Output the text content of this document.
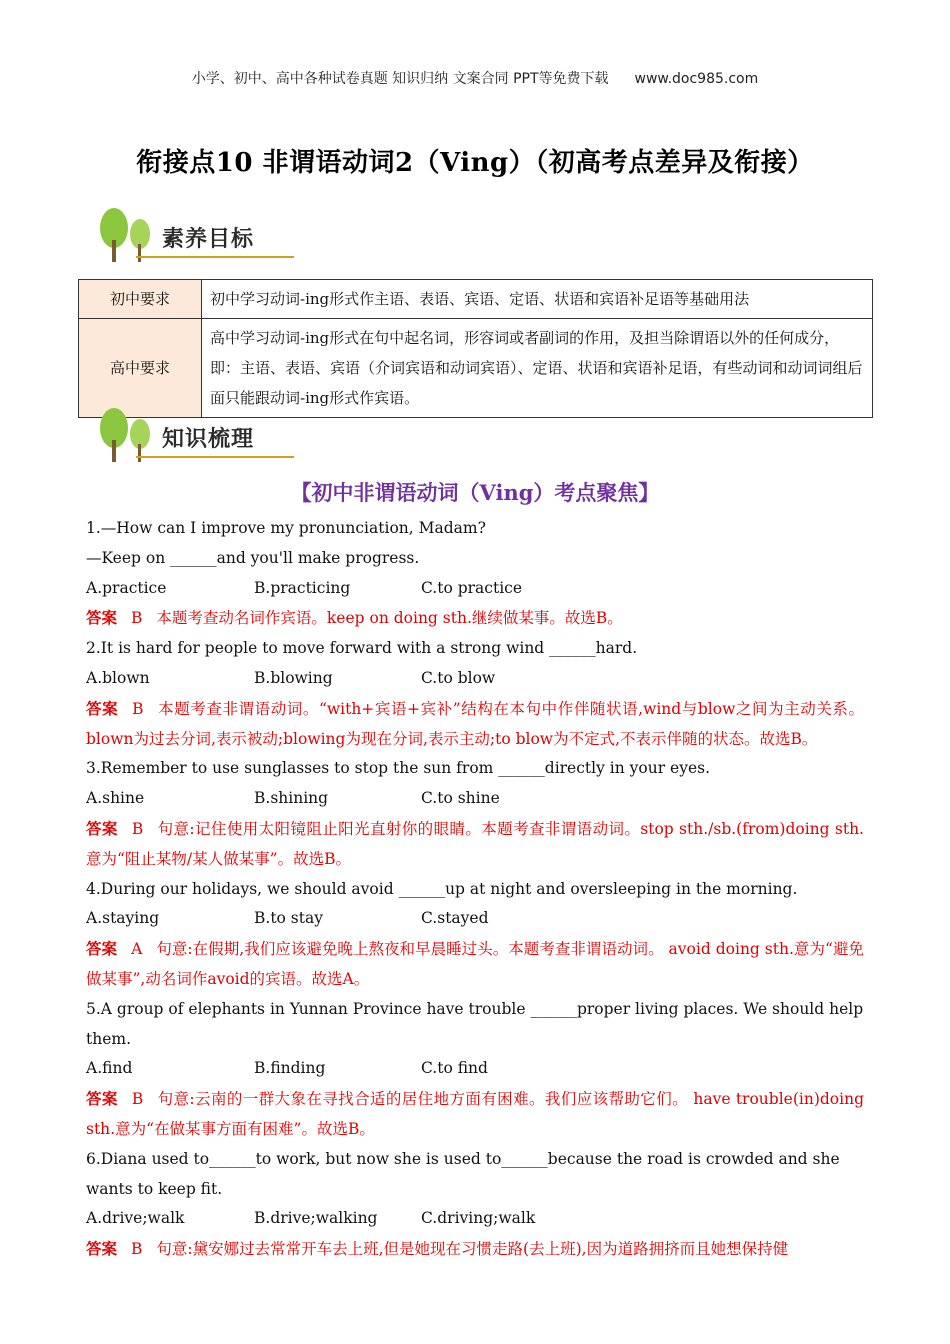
小学、初中、高中各种试卷真题 知识归纳 文案合同 PPT等免费下载 www.doc985.com
衔接点10 非谓语动词2（Ving）（初高考点差异及衔接）
素养目标
初中要求	初中学习动词-ing形式作主语、表语、宾语、定语、状语和宾语补足语等基础用法
高中要求	高中学习动词-ing形式在句中起名词，形容词或者副词的作用，及担当除谓语以外的任何成分，即：主语、表语、宾语（介词宾语和动词宾语）、定语、状语和宾语补足语，有些动词和动词词组后面只能跟动词-ing形式作宾语。
知识梳理
【初中非谓语动词（Ving）考点聚焦】

1.—How can I improve my pronunciation, Madam?

—Keep on ______and you'll make progress.

A.practice	B.practicing	C.to practice

答案 B 本题考查动名词作宾语。keep on doing sth.继续做某事。故选B。

2.It is hard for people to move forward with a strong wind ______hard.

A.blown	B.blowing	C.to blow

答案 B 本题考查非谓语动词。“with+宾语+宾补”结构在本句中作伴随状语,wind与blow之间为主动关系。blown为过去分词,表示被动;blowing为现在分词,表示主动;to blow为不定式,不表示伴随的状态。故选B。

3.Remember to use sunglasses to stop the sun from ______directly in your eyes.

A.shine	B.shining	C.to shine

答案 B 句意:记住使用太阳镜阻止阳光直射你的眼睛。本题考查非谓语动词。stop sth./sb.(from)doing sth.意为“阻止某物/某人做某事”。故选B。

4.During our holidays, we should avoid ______up at night and oversleeping in the morning.

A.staying	B.to stay	C.stayed

答案 A 句意:在假期,我们应该避免晚上熬夜和早晨睡过头。本题考查非谓语动词。 avoid doing sth.意为“避免做某事”,动名词作avoid的宾语。故选A。

5.A group of elephants in Yunnan Province have trouble ______proper living places. We should help them.

A.find	B.finding	C.to find

答案 B 句意:云南的一群大象在寻找合适的居住地方面有困难。我们应该帮助它们。 have trouble(in)doing sth.意为“在做某事方面有困难”。故选B。

6.Diana used to______to work, but now she is used to______because the road is crowded and she wants to keep fit.

A.drive;walk	B.drive;walking	C.driving;walk

答案 B 句意:黛安娜过去常常开车去上班,但是她现在习惯走路(去上班),因为道路拥挤而且她想保持健
